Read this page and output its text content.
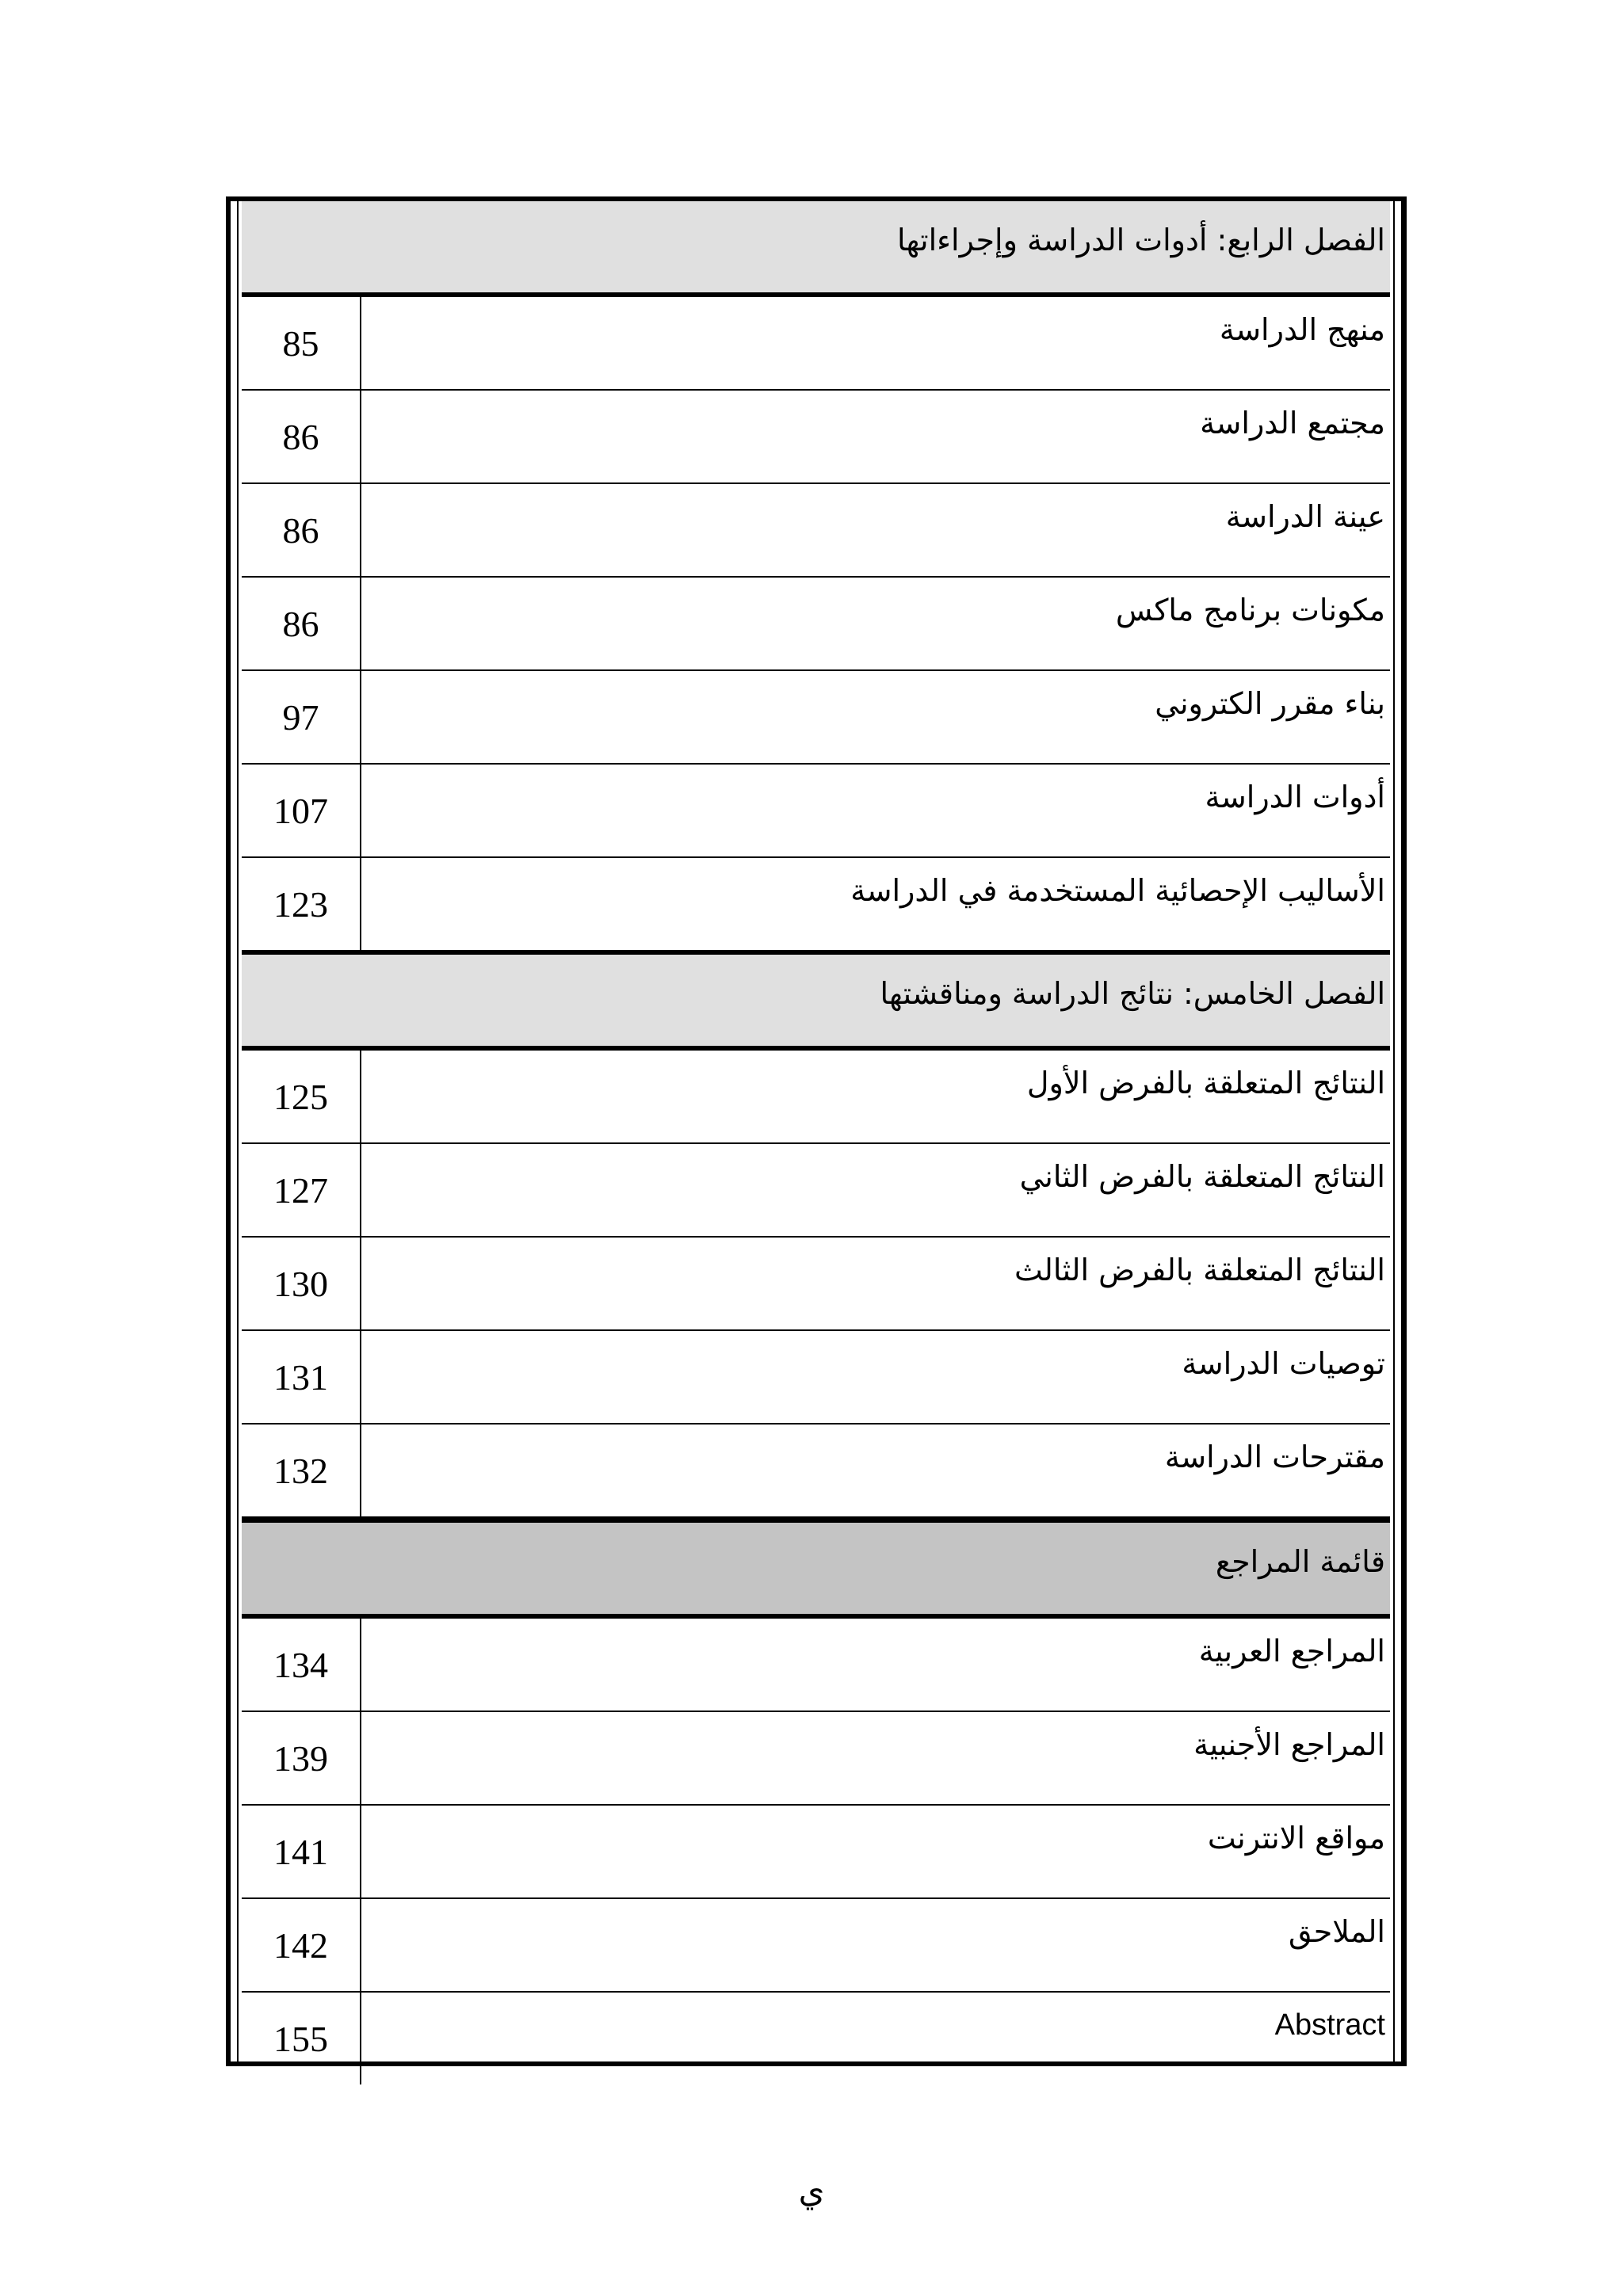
الفصل الرابع: أدوات الدراسة وإجراءاتها	

85	منهج الدراسة

86	مجتمع الدراسة

86	عينة الدراسة

86	مكونات برنامج ماكس

97	بناء مقرر الكتروني

107	أدوات الدراسة

123	الأساليب الإحصائية المستخدمة في الدراسة

الفصل الخامس: نتائج الدراسة ومناقشتها	

125	النتائج المتعلقة بالفرض الأول

127	النتائج المتعلقة بالفرض الثاني

130	النتائج المتعلقة بالفرض الثالث

131	توصيات الدراسة

132	مقترحات الدراسة

قائمة المراجع	

134	المراجع العربية

139	المراجع الأجنبية

141	مواقع الانترنت

142	الملاحق

155	Abstract
ي
